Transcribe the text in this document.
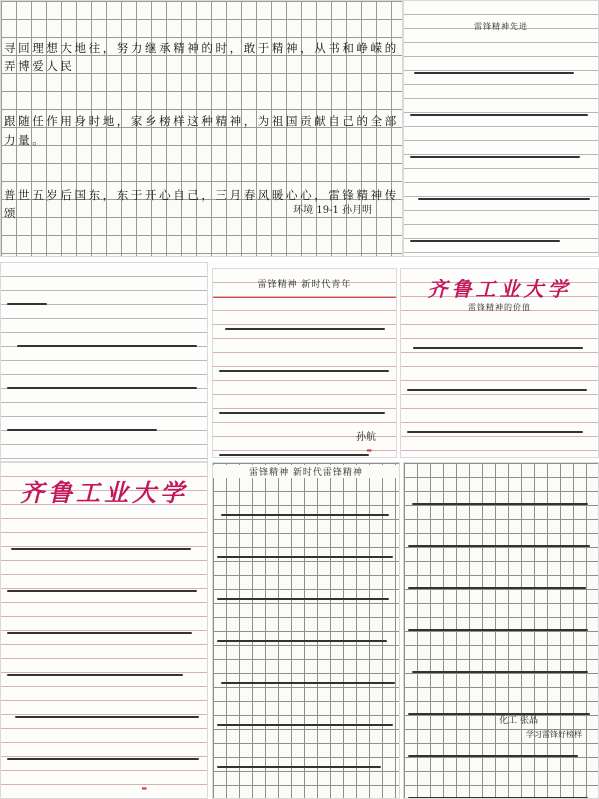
寻回理想大地往，努力继承精神的时，敢于精神，从书和峥嵘的弄博爱人民

跟随任作用身时地，家乡榜样这种精神，为祖国贡献自己的全部力量。

普世五岁后国东，东于开心自己，三月春风暖心心，雷锋精神传颂

	环境 19-1 孙月明
雷锋精神先进

雷锋精神 新时代青年

孙航
▬
齐鲁工业大学
雷锋精神的价值

齐鲁工业大学

▬
雷锋精神 新时代雷锋精神

化工 张晶
学习雷锋好榜样
